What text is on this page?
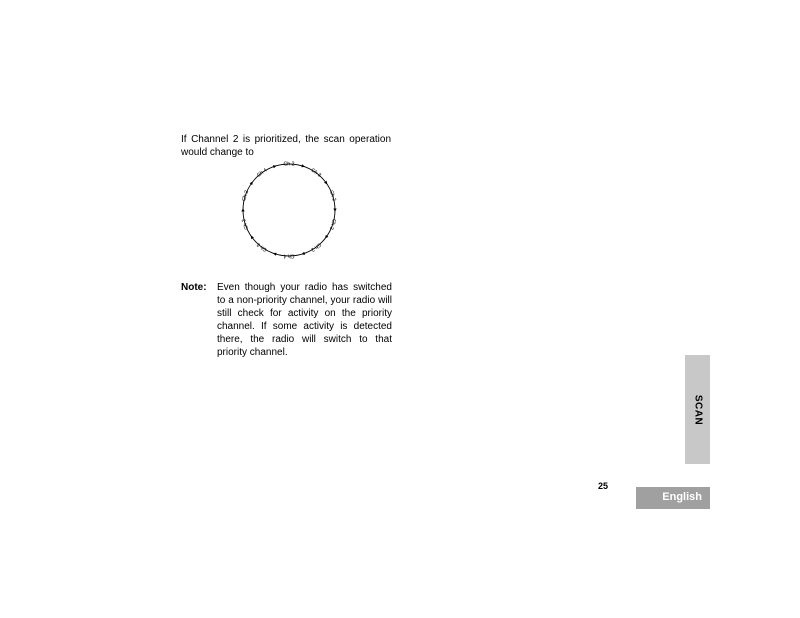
If Channel 2 is prioritized, the scan operation would change to

Ch 2
Ch 3
Ch 2
Ch 3
Ch 2
Ch 4
Ch 3
Ch 3
Ch 2
Ch 4
Note: Even though your radio has switched to a non-priority channel, your radio will still check for activity on the priority channel. If some activity is detected there, the radio will switch to that priority channel.

25
SCAN
English
